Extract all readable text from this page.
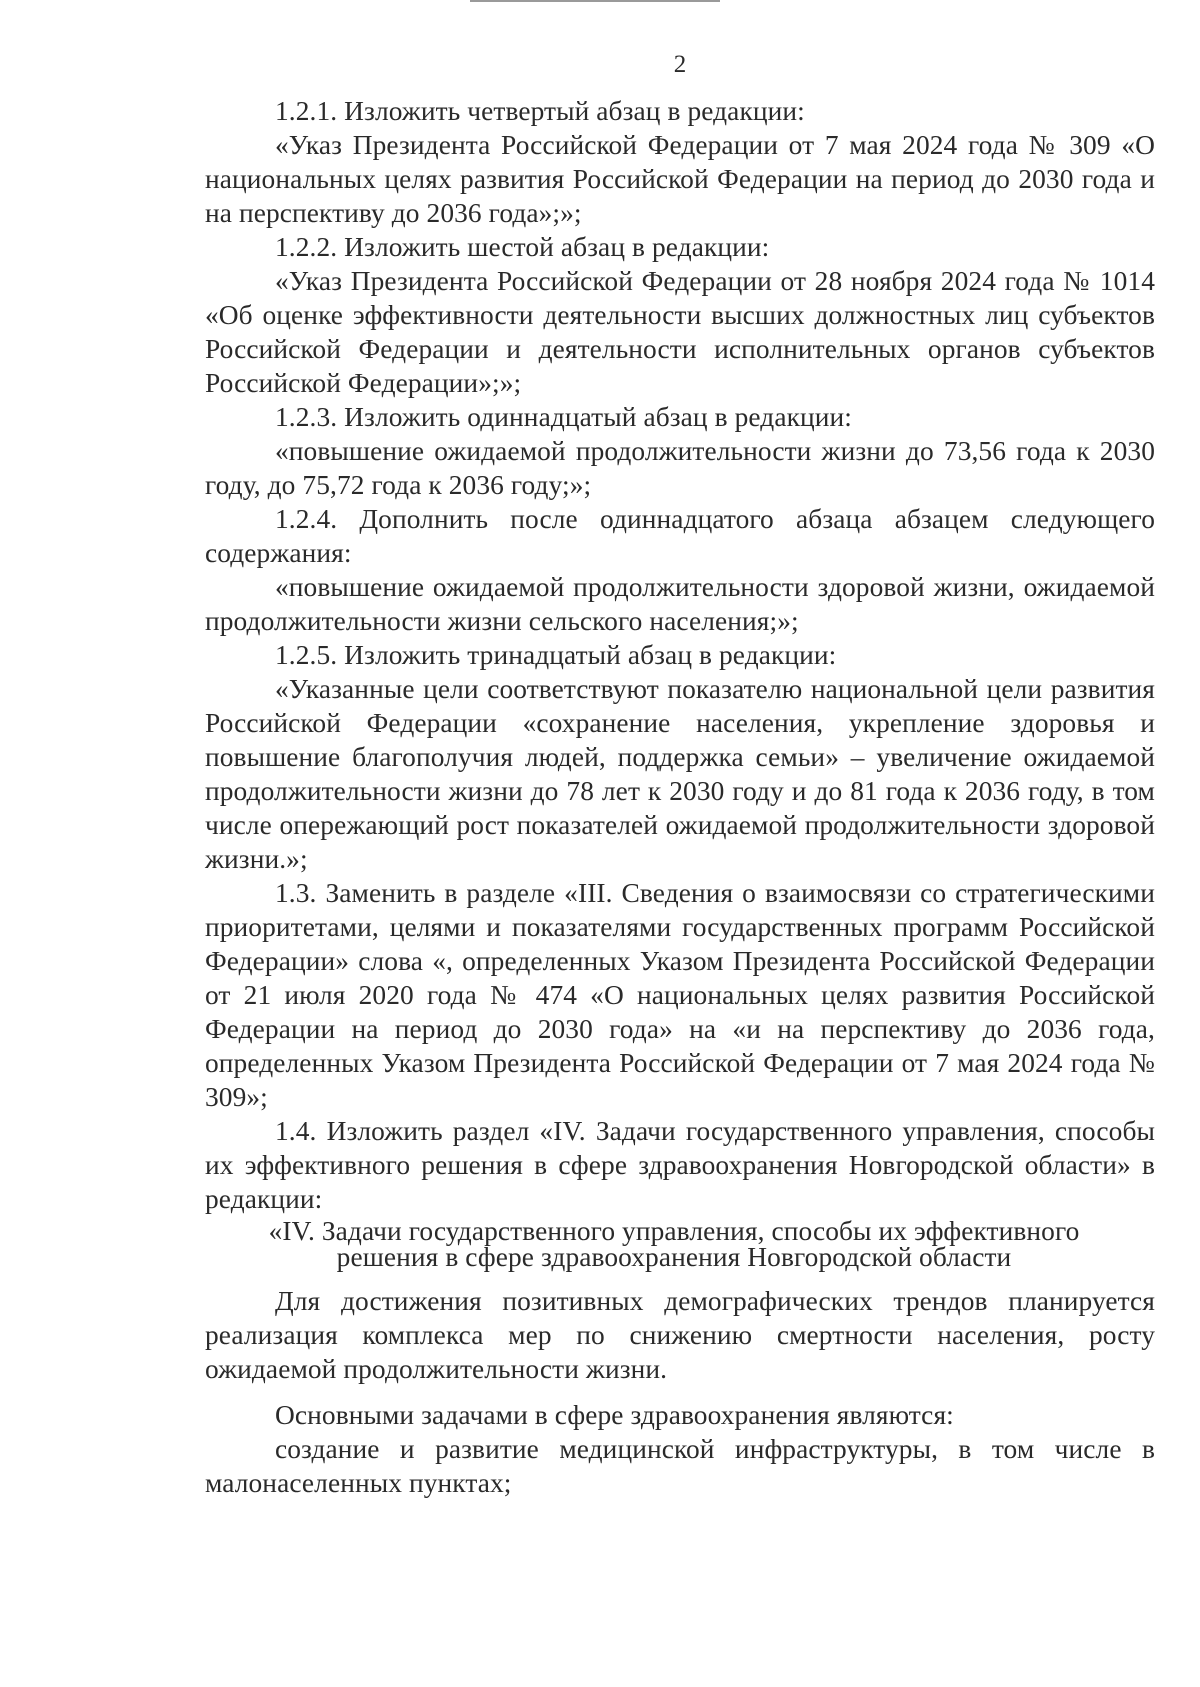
2

1.2.1. Изложить четвертый абзац в редакции:

«Указ Президента Российской Федерации от 7 мая 2024 года № 309 «О национальных целях развития Российской Федерации на период до 2030 года и на перспективу до 2036 года»;»;

1.2.2. Изложить шестой абзац в редакции:

«Указ Президента Российской Федерации от 28 ноября 2024 года № 1014 «Об оценке эффективности деятельности высших должностных лиц субъектов Российской Федерации и деятельности исполнительных органов субъектов Российской Федерации»;»;

1.2.3. Изложить одиннадцатый абзац в редакции:

«повышение ожидаемой продолжительности жизни до 73,56 года к 2030 году, до 75,72 года к 2036 году;»;

1.2.4. Дополнить после одиннадцатого абзаца абзацем следующего содержания:

«повышение ожидаемой продолжительности здоровой жизни, ожидаемой продолжительности жизни сельского населения;»;

1.2.5. Изложить тринадцатый абзац в редакции:

«Указанные цели соответствуют показателю национальной цели развития Российской Федерации «сохранение населения, укрепление здоровья и повышение благополучия людей, поддержка семьи» – увеличение ожидаемой продолжительности жизни до 78 лет к 2030 году и до 81 года к 2036 году, в том числе опережающий рост показателей ожидаемой продолжительности здоровой жизни.»;

1.3. Заменить в разделе «III. Сведения о взаимосвязи со стратегическими приоритетами, целями и показателями государственных программ Российской Федерации» слова «, определенных Указом Президента Российской Федерации от 21 июля 2020 года № 474 «О национальных целях развития Российской Федерации на период до 2030 года» на «и на перспективу до 2036 года, определенных Указом Президента Российской Федерации от 7 мая 2024 года № 309»;

1.4. Изложить раздел «IV. Задачи государственного управления, способы их эффективного решения в сфере здравоохранения Новгородской области» в редакции:

«IV. Задачи государственного управления, способы их эффективного решения в сфере здравоохранения Новгородской области

Для достижения позитивных демографических трендов планируется реализация комплекса мер по снижению смертности населения, росту ожидаемой продолжительности жизни.

Основными задачами в сфере здравоохранения являются:

создание и развитие медицинской инфраструктуры, в том числе в малонаселенных пунктах;
